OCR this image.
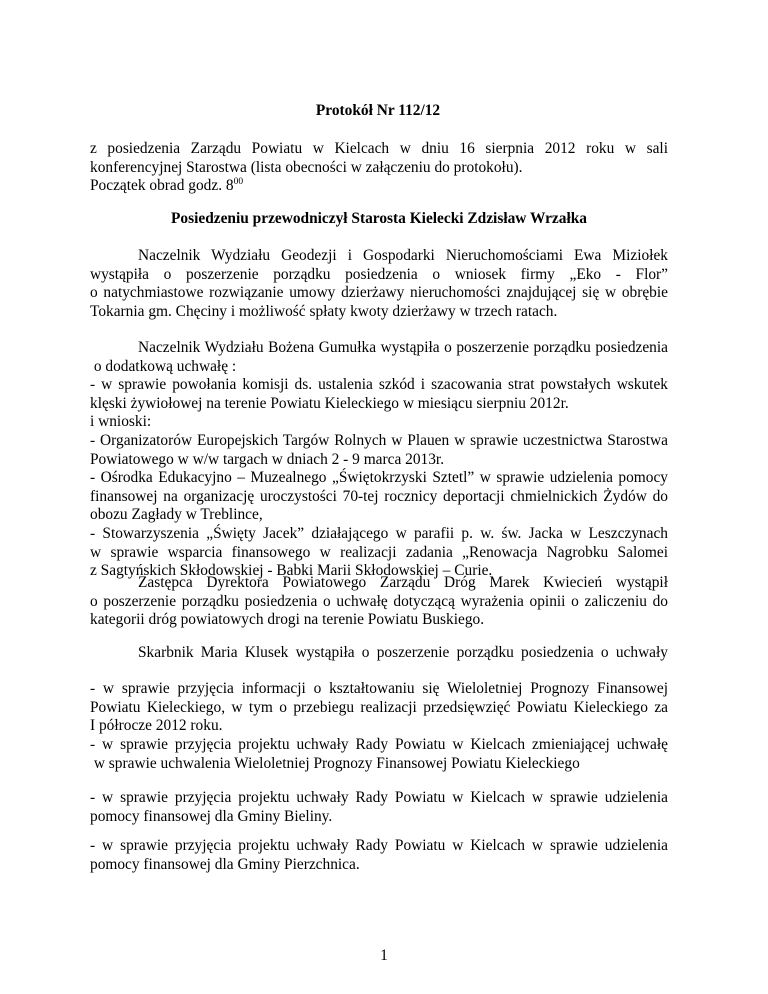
Protokół Nr 112/12
z posiedzenia Zarządu Powiatu w Kielcach w dniu 16 sierpnia 2012 roku w sali
konferencyjnej Starostwa (lista obecności w załączeniu do protokołu).
Początek obrad godz. $8^{00}$
Posiedzeniu przewodniczył Starosta Kielecki Zdzisław Wrzałka
Naczelnik Wydziału Geodezji i Gospodarki Nieruchomościami Ewa Miziołek
wystąpiła o poszerzenie porządku posiedzenia o wniosek firmy „Eko - Flor”
o natychmiastowe rozwiązanie umowy dzierżawy nieruchomości znajdującej się w obrębie
Tokarnia gm. Chęciny i możliwość spłaty kwoty dzierżawy w trzech ratach.
Naczelnik Wydziału Bożena Gumułka wystąpiła o poszerzenie porządku posiedzenia
o dodatkową uchwałę :
- w sprawie powołania komisji ds. ustalenia szkód i szacowania strat powstałych wskutek
klęski żywiołowej na terenie Powiatu Kieleckiego w miesiącu sierpniu 2012r.
i wnioski:
- Organizatorów Europejskich Targów Rolnych w Plauen w sprawie uczestnictwa Starostwa
Powiatowego w w/w targach w dniach 2 - 9 marca 2013r.
- Ośrodka Edukacyjno – Muzealnego „Świętokrzyski Sztetl” w sprawie udzielenia pomocy
finansowej na organizację uroczystości 70-tej rocznicy deportacji chmielnickich Żydów do
obozu Zagłady w Treblince,
- Stowarzyszenia „Święty Jacek” działającego w parafii p. w. św. Jacka w Leszczynach
w sprawie wsparcia finansowego w realizacji zadania „Renowacja Nagrobku Salomei
z Sagtyńskich Skłodowskiej - Babki Marii Skłodowskiej – Curie.
Zastępca Dyrektora Powiatowego Zarządu Dróg Marek Kwiecień wystąpił
o poszerzenie porządku posiedzenia o uchwałę dotyczącą wyrażenia opinii o zaliczeniu do
kategorii dróg powiatowych drogi na terenie Powiatu Buskiego.
Skarbnik Maria Klusek wystąpiła o poszerzenie porządku posiedzenia o uchwały
- w sprawie przyjęcia informacji o kształtowaniu się Wieloletniej Prognozy Finansowej
Powiatu Kieleckiego, w tym o przebiegu realizacji przedsięwzięć Powiatu Kieleckiego za
I półrocze 2012 roku.
- w sprawie przyjęcia projektu uchwały Rady Powiatu w Kielcach zmieniającej uchwałę
w sprawie uchwalenia Wieloletniej Prognozy Finansowej Powiatu Kieleckiego
- w sprawie przyjęcia projektu uchwały Rady Powiatu w Kielcach w sprawie udzielenia
pomocy finansowej dla Gminy Bieliny.
- w sprawie przyjęcia projektu uchwały Rady Powiatu w Kielcach w sprawie udzielenia
pomocy finansowej dla Gminy Pierzchnica.
1
